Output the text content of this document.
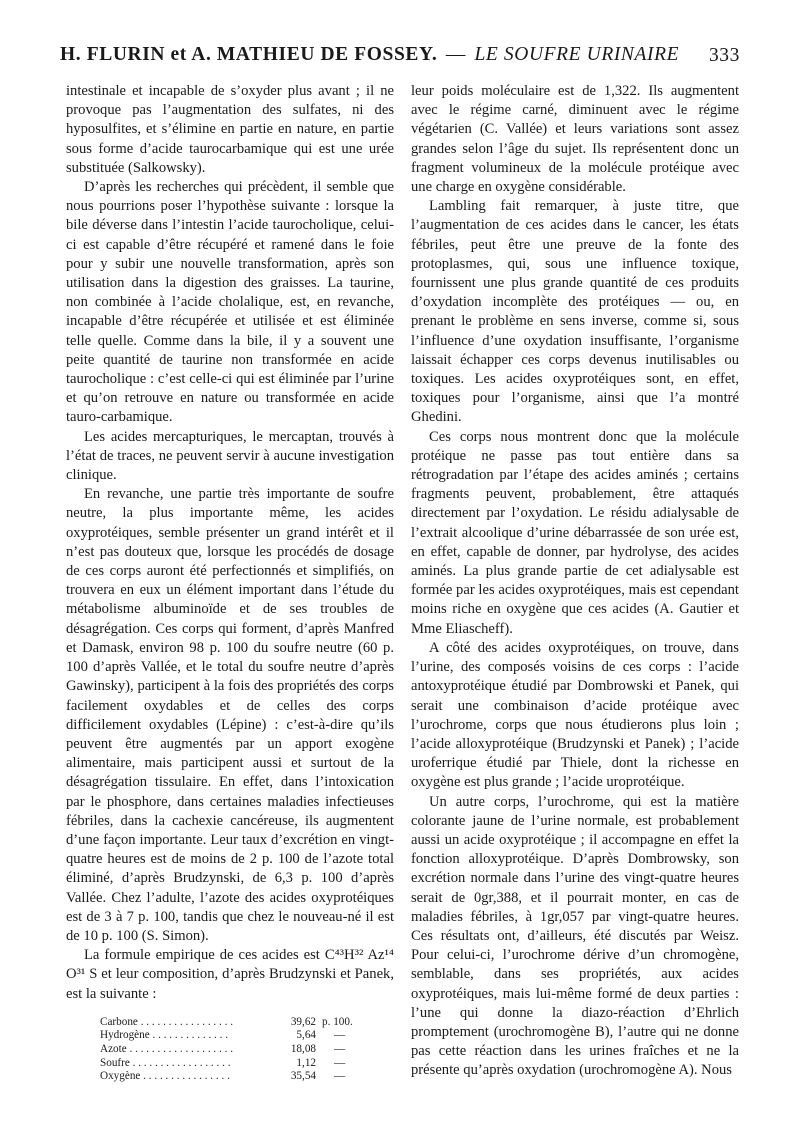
H. FLURIN et A. MATHIEU DE FOSSEY. — LE SOUFRE URINAIRE 333

intestinale et incapable de s’oxyder plus avant ; il ne provoque pas l’augmentation des sulfates, ni des hyposulfites, et s’élimine en partie en nature, en partie sous forme d’acide taurocarbamique qui est une urée substituée (Salkowsky).

D’après les recherches qui précèdent, il semble que nous pourrions poser l’hypothèse suivante : lorsque la bile déverse dans l’intestin l’acide taurocholique, celui-ci est capable d’être récupéré et ramené dans le foie pour y subir une nouvelle transformation, après son utilisation dans la digestion des graisses. La taurine, non combinée à l’acide cholalique, est, en revanche, incapable d’être récupérée et utilisée et est éliminée telle quelle. Comme dans la bile, il y a souvent une peite quantité de taurine non transformée en acide taurocholique : c’est celle-ci qui est éliminée par l’urine et qu’on retrouve en nature ou transformée en acide tauro-carbamique.

Les acides mercapturiques, le mercaptan, trouvés à l’état de traces, ne peuvent servir à aucune investigation clinique.

En revanche, une partie très importante de soufre neutre, la plus importante même, les acides oxyprotéiques, semble présenter un grand intérêt et il n’est pas douteux que, lorsque les procédés de dosage de ces corps auront été perfectionnés et simplifiés, on trouvera en eux un élément important dans l’étude du métabolisme albuminoïde et de ses troubles de désagrégation. Ces corps qui forment, d’après Manfred et Damask, environ 98 p. 100 du soufre neutre (60 p. 100 d’après Vallée, et le total du soufre neutre d’après Gawinsky), participent à la fois des propriétés des corps facilement oxydables et de celles des corps difficilement oxydables (Lépine) : c’est-à-dire qu’ils peuvent être augmentés par un apport exogène alimentaire, mais participent aussi et surtout de la désagrégation tissulaire. En effet, dans l’intoxication par le phosphore, dans certaines maladies infectieuses fébriles, dans la cachexie cancéreuse, ils augmentent d’une façon importante. Leur taux d’excrétion en vingt-quatre heures est de moins de 2 p. 100 de l’azote total éliminé, d’après Brudzynski, de 6,3 p. 100 d’après Vallée. Chez l’adulte, l’azote des acides oxyprotéiques est de 3 à 7 p. 100, tandis que chez le nouveau-né il est de 10 p. 100 (S. Simon).

La formule empirique de ces acides est C⁴³H³² Az¹⁴ O³¹ S et leur composition, d’après Brudzynski et Panek, est la suivante :

Carbone . . . . . . . . . . . . . . . . .	39,62	p. 100.
Hydrogène . . . . . . . . . . . . . .	5,64	—
Azote . . . . . . . . . . . . . . . . . . .	18,08	—
Soufre . . . . . . . . . . . . . . . . . .	1,12	—
Oxygène . . . . . . . . . . . . . . . .	35,54	—

leur poids moléculaire est de 1,322. Ils augmentent avec le régime carné, diminuent avec le régime végétarien (C. Vallée) et leurs variations sont assez grandes selon l’âge du sujet. Ils représentent donc un fragment volumineux de la molécule protéique avec une charge en oxygène considérable.

Lambling fait remarquer, à juste titre, que l’augmentation de ces acides dans le cancer, les états fébriles, peut être une preuve de la fonte des protoplasmes, qui, sous une influence toxique, fournissent une plus grande quantité de ces produits d’oxydation incomplète des protéiques — ou, en prenant le problème en sens inverse, comme si, sous l’influence d’une oxydation insuffisante, l’organisme laissait échapper ces corps devenus inutilisables ou toxiques. Les acides oxyprotéiques sont, en effet, toxiques pour l’organisme, ainsi que l’a montré Ghedini.

Ces corps nous montrent donc que la molécule protéique ne passe pas tout entière dans sa rétrogradation par l’étape des acides aminés ; certains fragments peuvent, probablement, être attaqués directement par l’oxydation. Le résidu adialysable de l’extrait alcoolique d’urine débarrassée de son urée est, en effet, capable de donner, par hydrolyse, des acides aminés. La plus grande partie de cet adialysable est formée par les acides oxyprotéiques, mais est cependant moins riche en oxygène que ces acides (A. Gautier et Mme Eliascheff).

A côté des acides oxyprotéiques, on trouve, dans l’urine, des composés voisins de ces corps : l’acide antoxyprotéique étudié par Dombrowski et Panek, qui serait une combinaison d’acide protéique avec l’urochrome, corps que nous étudierons plus loin ; l’acide alloxyprotéique (Brudzynski et Panek) ; l’acide uroferrique étudié par Thiele, dont la richesse en oxygène est plus grande ; l’acide uroprotéique.

Un autre corps, l’urochrome, qui est la matière colorante jaune de l’urine normale, est probablement aussi un acide oxyprotéique ; il accompagne en effet la fonction alloxyprotéique. D’après Dombrowsky, son excrétion normale dans l’urine des vingt-quatre heures serait de 0gr,388, et il pourrait monter, en cas de maladies fébriles, à 1gr,057 par vingt-quatre heures. Ces résultats ont, d’ailleurs, été discutés par Weisz. Pour celui-ci, l’urochrome dérive d’un chromogène, semblable, dans ses propriétés, aux acides oxyprotéiques, mais lui-même formé de deux parties : l’une qui donne la diazo-réaction d’Ehrlich promptement (urochromogène B), l’autre qui ne donne pas cette réaction dans les urines fraîches et ne la présente qu’après oxydation (urochromogène A). Nous
